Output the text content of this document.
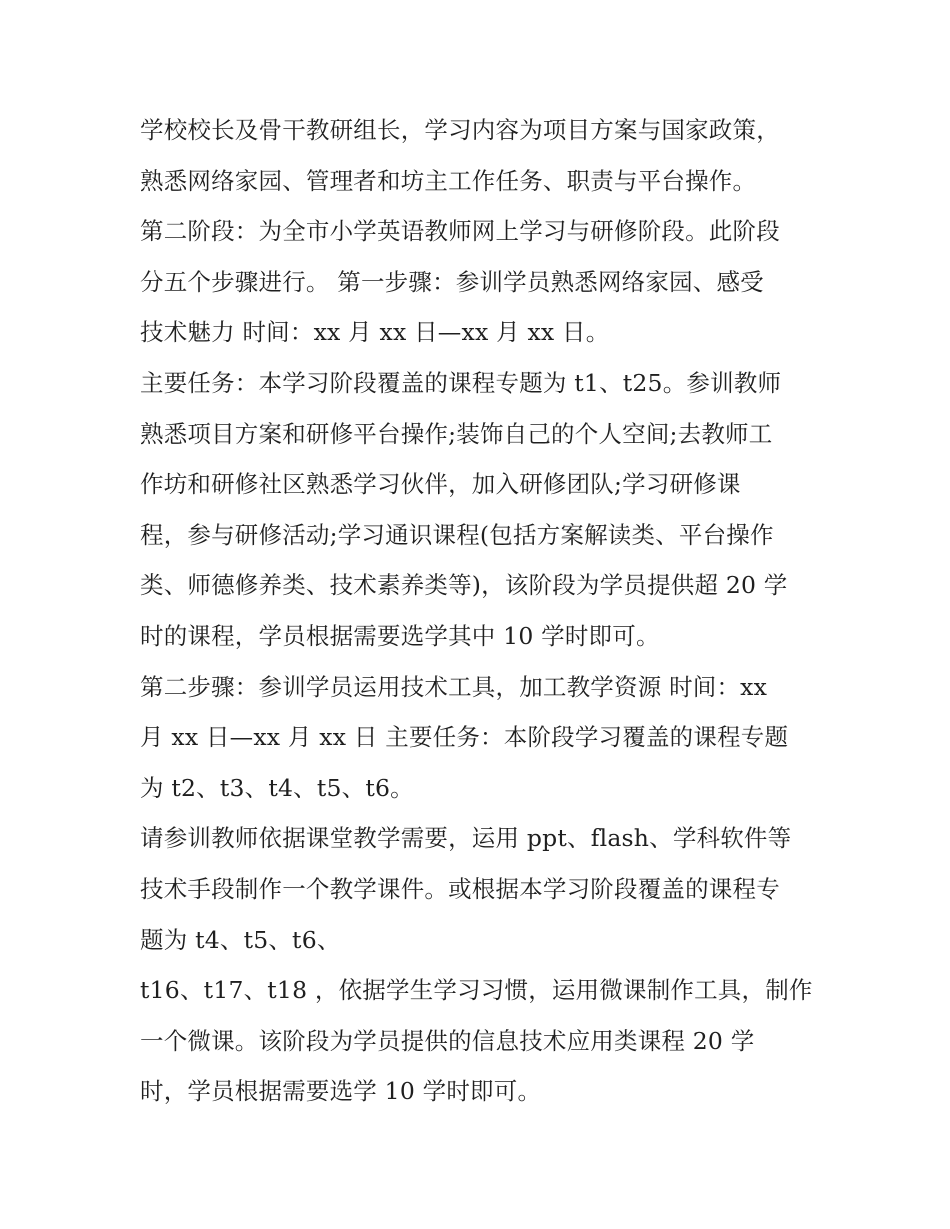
学校校长及骨干教研组长，学习内容为项目方案与国家政策，
熟悉网络家园、管理者和坊主工作任务、职责与平台操作。
第二阶段：为全市小学英语教师网上学习与研修阶段。此阶段
分五个步骤进行。 第一步骤：参训学员熟悉网络家园、感受
技术魅力 时间：xx 月 xx 日—xx 月 xx 日。
主要任务：本学习阶段覆盖的课程专题为 t1、t25。参训教师
熟悉项目方案和研修平台操作;装饰自己的个人空间;去教师工
作坊和研修社区熟悉学习伙伴，加入研修团队;学习研修课
程，参与研修活动;学习通识课程(包括方案解读类、平台操作
类、师德修养类、技术素养类等)，该阶段为学员提供超 20 学
时的课程，学员根据需要选学其中 10 学时即可。
第二步骤：参训学员运用技术工具，加工教学资源 时间：xx
月 xx 日—xx 月 xx 日 主要任务：本阶段学习覆盖的课程专题
为 t2、t3、t4、t5、t6。
请参训教师依据课堂教学需要，运用 ppt、flash、学科软件等
技术手段制作一个教学课件。或根据本学习阶段覆盖的课程专
题为 t4、t5、t6、
t16、t17、t18 ，依据学生学习习惯，运用微课制作工具，制作
一个微课。该阶段为学员提供的信息技术应用类课程 20 学
时，学员根据需要选学 10 学时即可。
